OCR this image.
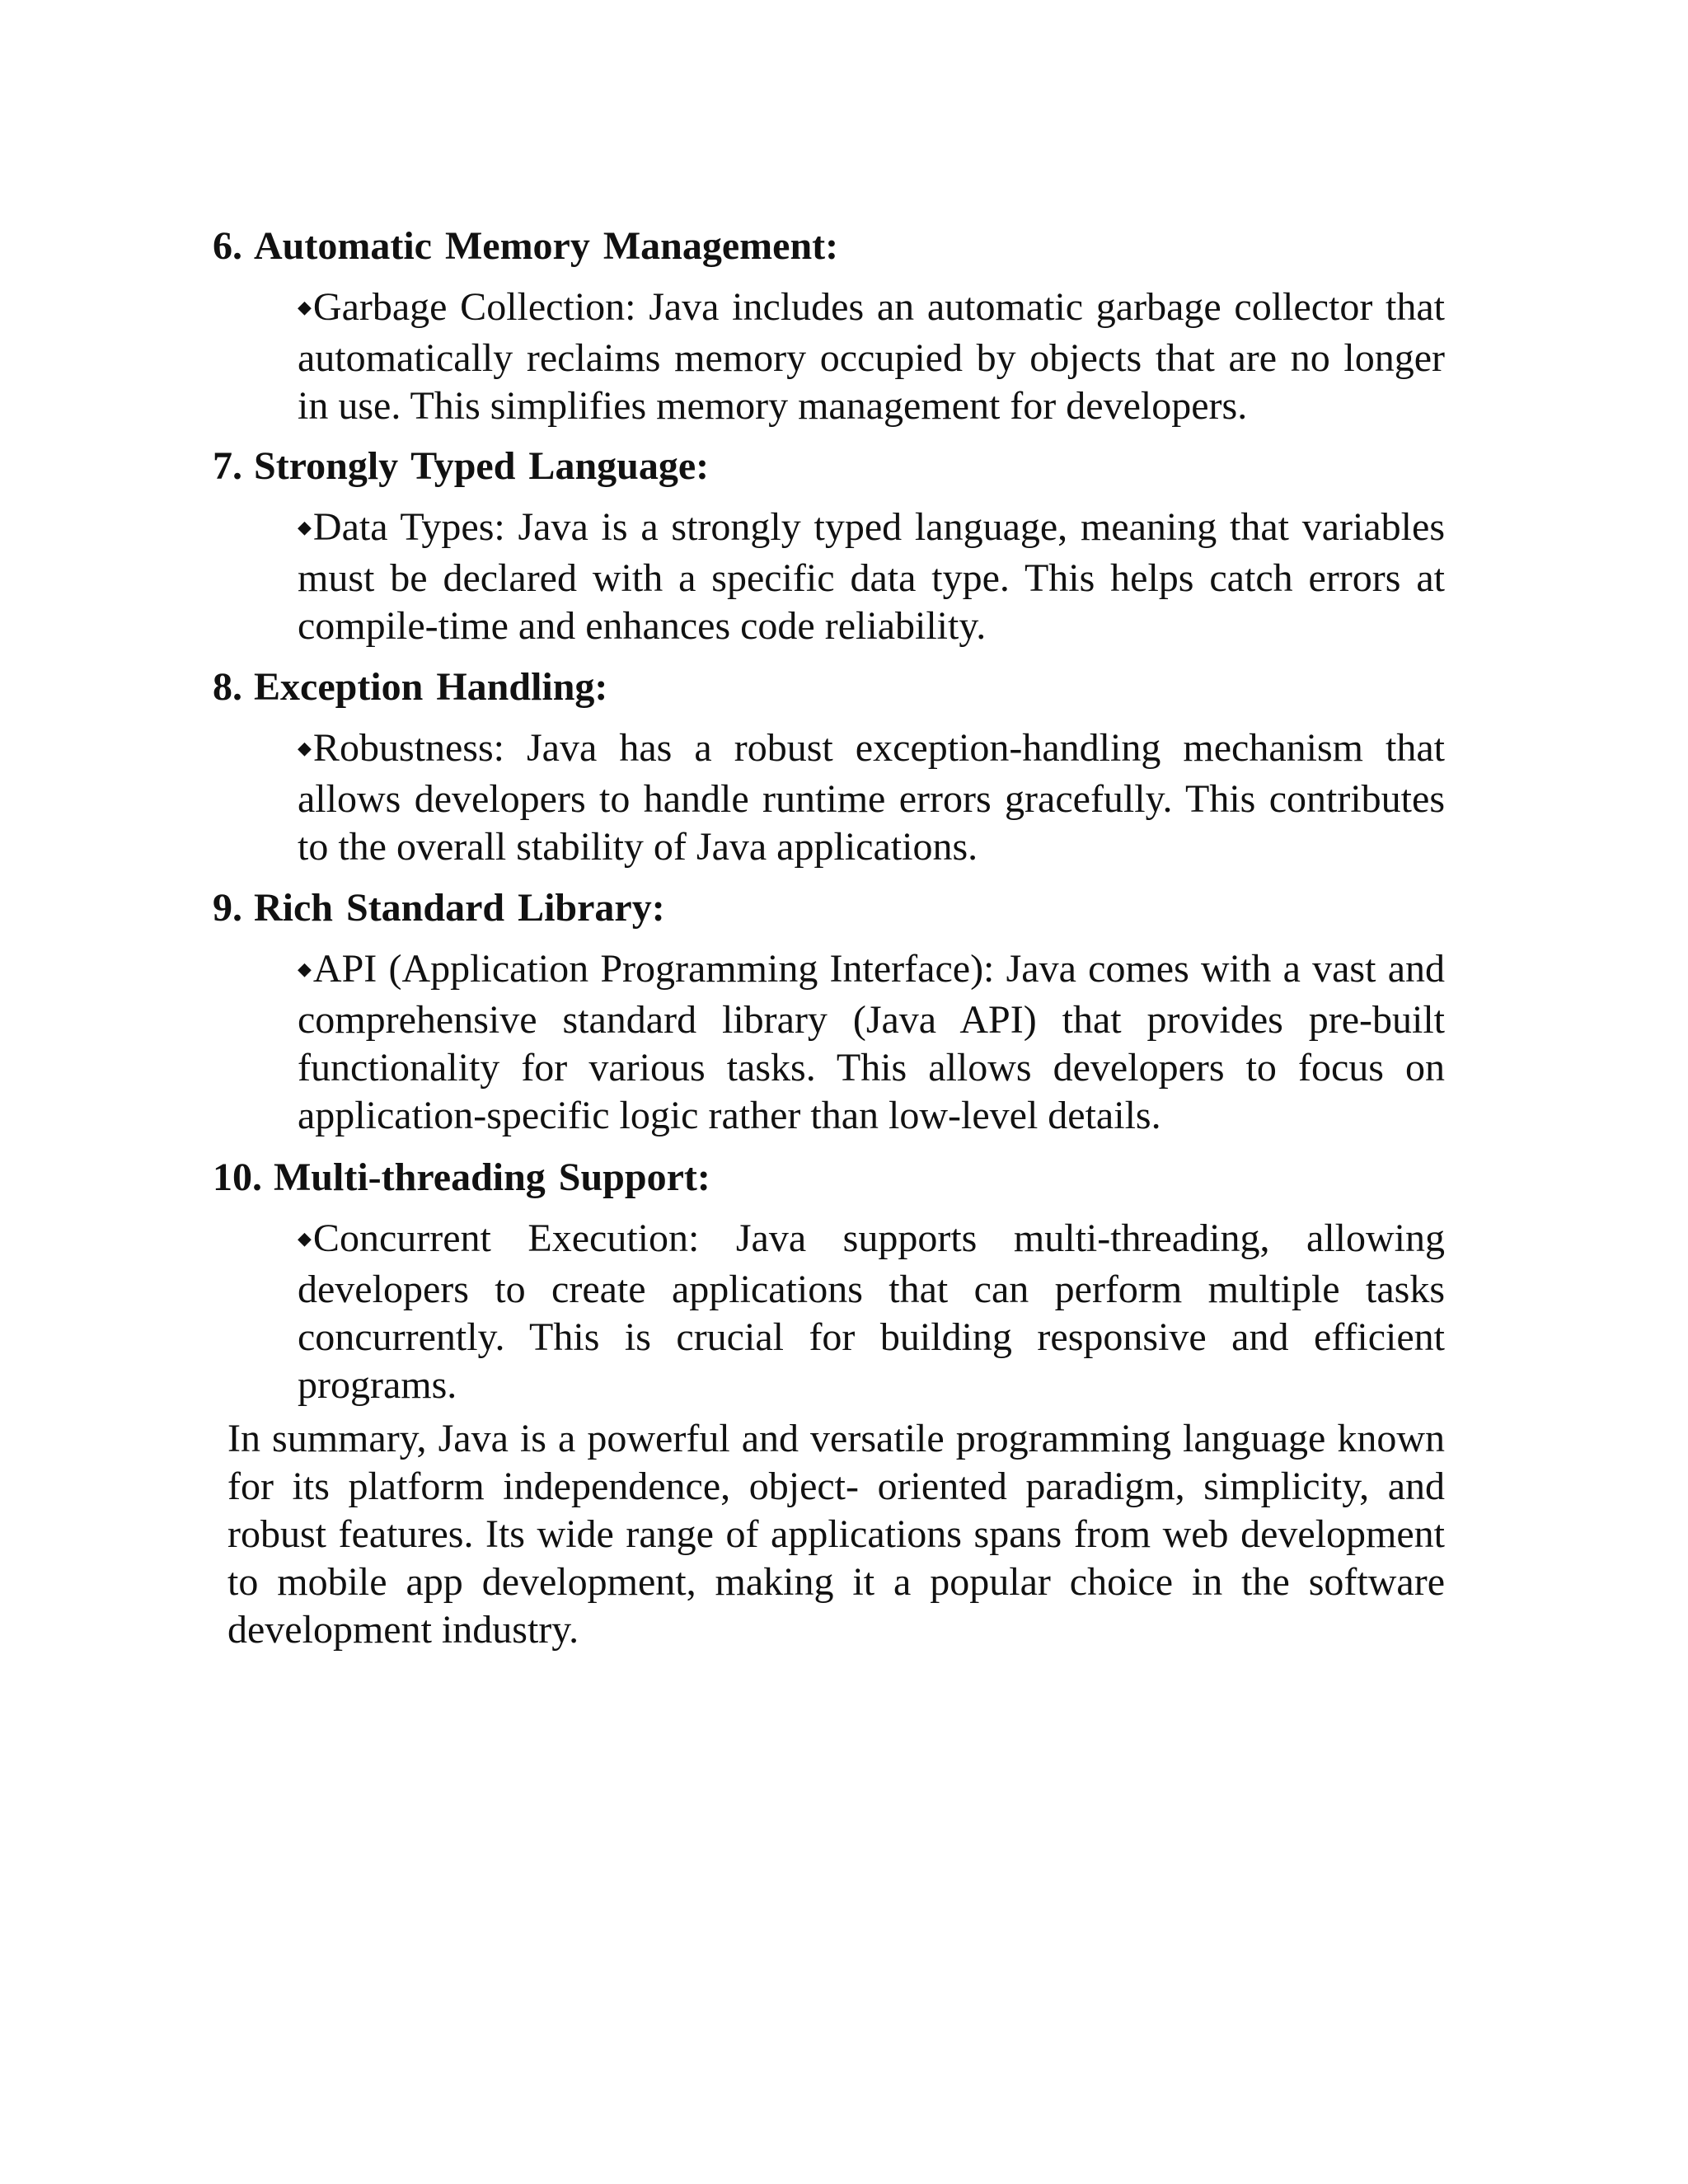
6. Automatic Memory Management:

◆Garbage Collection: Java includes an automatic garbage collector that automatically reclaims memory occupied by objects that are no longer in use. This simplifies memory management for developers.

7. Strongly Typed Language:

◆Data Types: Java is a strongly typed language, meaning that variables must be declared with a specific data type. This helps catch errors at compile-time and enhances code reliability.

8. Exception Handling:

◆Robustness: Java has a robust exception-handling mechanism that allows developers to handle runtime errors gracefully. This contributes to the overall stability of Java applications.

9. Rich Standard Library:

◆API (Application Programming Interface): Java comes with a vast and comprehensive standard library (Java API) that provides pre-built functionality for various tasks. This allows developers to focus on application-specific logic rather than low-level details.

10. Multi-threading Support:

◆Concurrent Execution: Java supports multi-threading, allowing developers to create applications that can perform multiple tasks concurrently. This is crucial for building responsive and efficient programs.

In summary, Java is a powerful and versatile programming language known for its platform independence, object- oriented paradigm, simplicity, and robust features. Its wide range of applications spans from web development to mobile app development, making it a popular choice in the software development industry.
